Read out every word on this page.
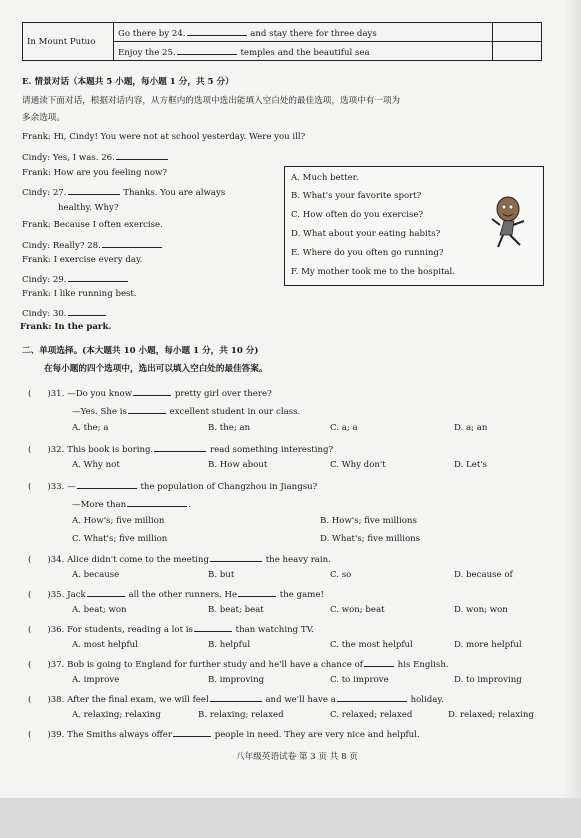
In Mount Putuo	Go there by 24. and stay there for three days	
	Enjoy the 25. temples and the beautiful sea	
E. 情景对话（本题共 5 小题，每小题 1 分，共 5 分）
请通读下面对话，根据对话内容，从方框内的选项中选出能填入空白处的最佳选项，选项中有一项为
多余选项。
Frank: Hi, Cindy! You were not at school yesterday. Were you ill?
Cindy: Yes, I was. 26.
Frank: How are you feeling now?
Cindy: 27.	Thanks. You are always
healthy. Why?
Frank: Because I often exercise.
Cindy: Really? 28.
Frank: I exercise every day.
Cindy: 29.
Frank: I like running best.
Cindy: 30.
Frank: In the park.
A. Much better.
B. What's your favorite sport?
C. How often do you exercise?
D. What about your eating habits?
E. Where do you often go running?
F. My mother took me to the hospital.
二、单项选择。(本大题共 10 小题，每小题 1 分，共 10 分)
在每小题的四个选项中，选出可以填入空白处的最佳答案。
( )31. —Do you know	pretty girl over there?
—Yes. She is	excellent student in our class.
A. the; a	B. the; an	C. a; a	D. a; an
( )32. This book is boring.	read something interesting?
A. Why not	B. How about	C. Why don't	D. Let's
( )33. —	the population of Changzhou in Jiangsu?
—More than	.
A. How's; five million	B. How's; five millions
C. What's; five million	D. What's; five millions
( )34. Alice didn't come to the meeting	the heavy rain.
A. because	B. but	C. so	D. because of
( )35. Jack	all the other runners. He	the game!
A. beat; won	B. beat; beat	C. won; beat	D. won; won
( )36. For students, reading a lot is	than watching TV.
A. most helpful	B. helpful	C. the most helpful	D. more helpful
( )37. Bob is going to England for further study and he'll have a chance of	his English.
A. improve	B. improving	C. to improve	D. to improving
( )38. After the final exam, we will feel	and we'll have a	holiday.
A. relaxing; relaxing	B. relaxing; relaxed	C. relaxed; relaxed	D. relaxed; relaxing
( )39. The Smiths always offer	people in need. They are very nice and helpful.
八年级英语试卷 第 3 页 共 8 页
